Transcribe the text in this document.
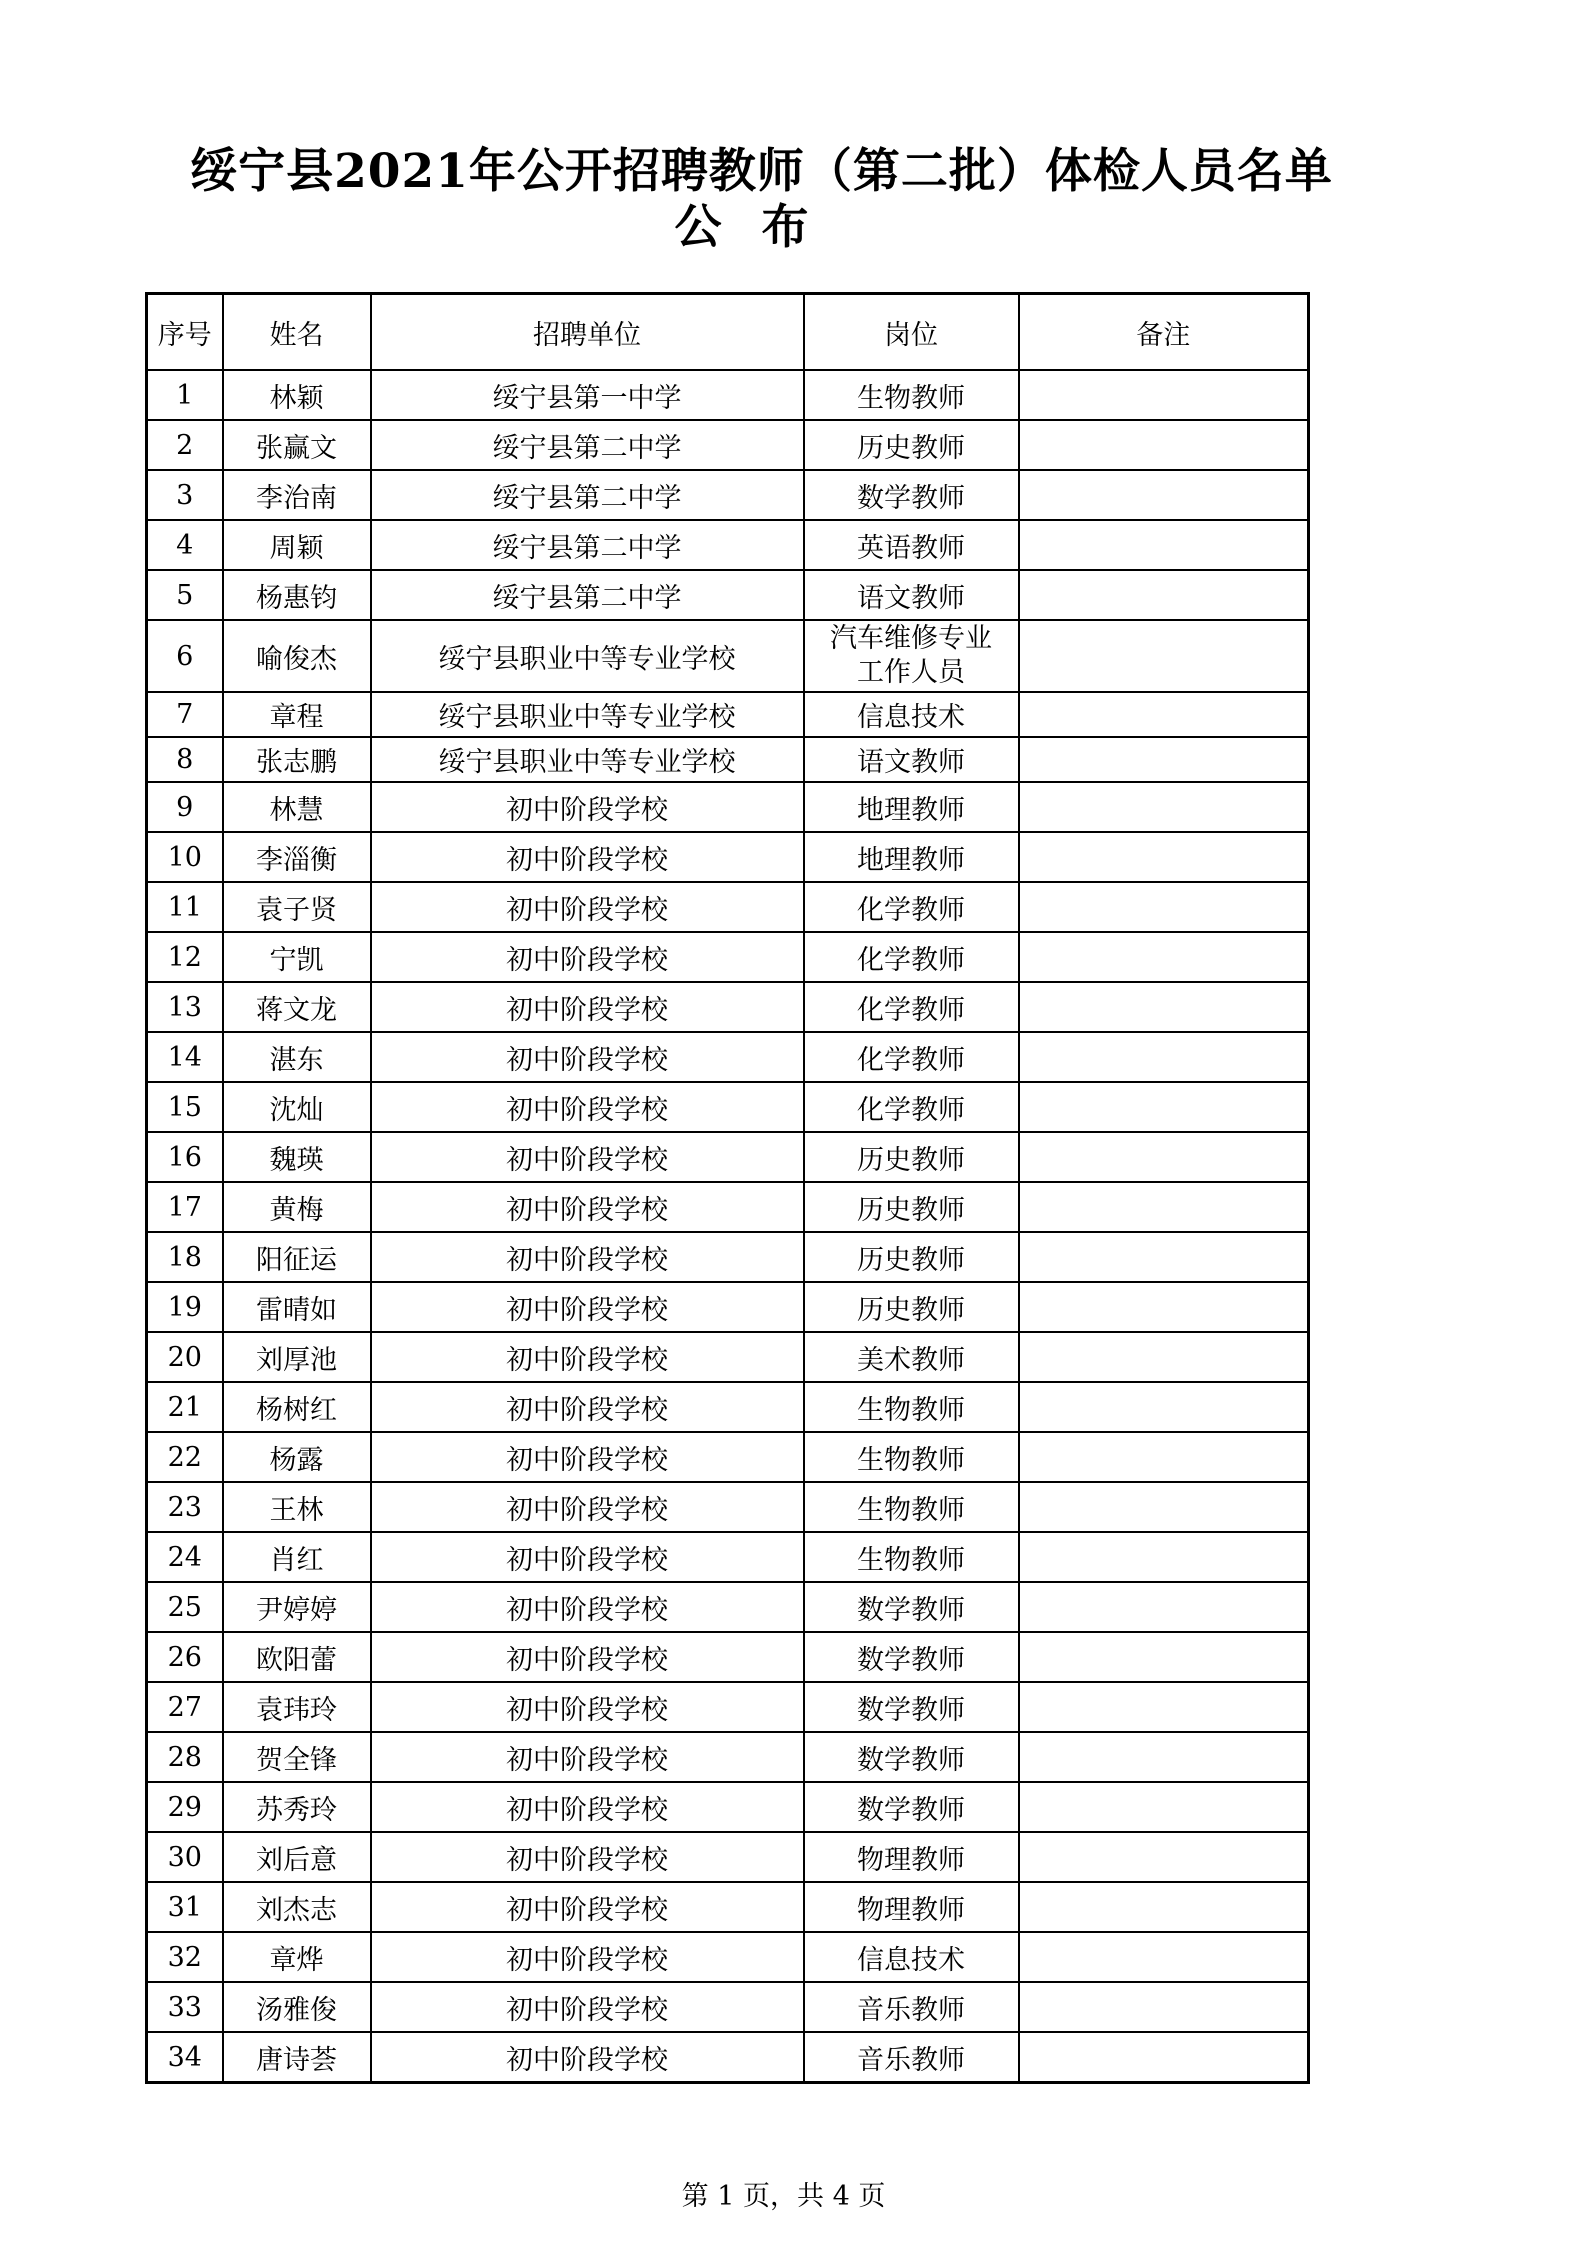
绥宁县2021年公开招聘教师（第二批）体检人员名单
公布
序号	姓名	招聘单位	岗位	备注
1	林颖	绥宁县第一中学	生物教师	
2	张赢文	绥宁县第二中学	历史教师	
3	李治南	绥宁县第二中学	数学教师	
4	周颖	绥宁县第二中学	英语教师	
5	杨惠钧	绥宁县第二中学	语文教师	
6	喻俊杰	绥宁县职业中等专业学校	汽车维修专业工作人员	
7	章程	绥宁县职业中等专业学校	信息技术	
8	张志鹏	绥宁县职业中等专业学校	语文教师	
9	林慧	初中阶段学校	地理教师	
10	李淄衡	初中阶段学校	地理教师	
11	袁子贤	初中阶段学校	化学教师	
12	宁凯	初中阶段学校	化学教师	
13	蒋文龙	初中阶段学校	化学教师	
14	湛东	初中阶段学校	化学教师	
15	沈灿	初中阶段学校	化学教师	
16	魏瑛	初中阶段学校	历史教师	
17	黄梅	初中阶段学校	历史教师	
18	阳征运	初中阶段学校	历史教师	
19	雷晴如	初中阶段学校	历史教师	
20	刘厚池	初中阶段学校	美术教师	
21	杨树红	初中阶段学校	生物教师	
22	杨露	初中阶段学校	生物教师	
23	王林	初中阶段学校	生物教师	
24	肖红	初中阶段学校	生物教师	
25	尹婷婷	初中阶段学校	数学教师	
26	欧阳蕾	初中阶段学校	数学教师	
27	袁玮玲	初中阶段学校	数学教师	
28	贺全锋	初中阶段学校	数学教师	
29	苏秀玲	初中阶段学校	数学教师	
30	刘后意	初中阶段学校	物理教师	
31	刘杰志	初中阶段学校	物理教师	
32	章烨	初中阶段学校	信息技术	
33	汤雅俊	初中阶段学校	音乐教师	
34	唐诗荟	初中阶段学校	音乐教师	
第 1 页，共 4 页
